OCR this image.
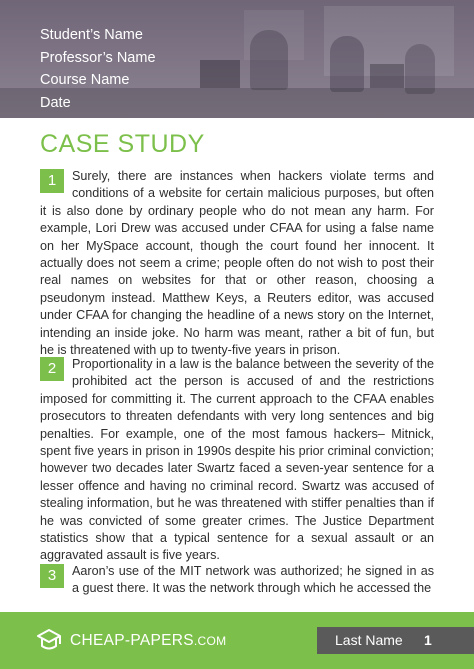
Student’s Name
Professor’s Name
Course Name
Date
CASE STUDY
1	Surely, there are instances when hackers violate terms and conditions of a website for certain malicious purposes, but often it is also done by ordinary people who do not mean any harm. For example, Lori Drew was accused under CFAA for using a false name on her MySpace account, though the court found her innocent. It actually does not seem a crime; people often do not wish to post their real names on websites for that or other reason, choosing a pseudonym instead. Matthew Keys, a Reuters editor, was accused under CFAA for changing the headline of a news story on the Internet, intending an inside joke. No harm was meant, rather a bit of fun, but he is threatened with up to twenty-five years in prison.
2	Proportionality in a law is the balance between the severity of the prohibited act the person is accused of and the restrictions imposed for committing it. The current approach to the CFAA enables prosecutors to threaten defendants with very long sentences and big penalties. For example, one of the most famous hackers– Mitnick, spent five years in prison in 1990s despite his prior criminal conviction; however two decades later Swartz faced a seven-year sentence for a lesser offence and having no criminal record. Swartz was accused of stealing information, but he was threatened with stiffer penalties than if he was convicted of some greater crimes. The Justice Department statistics show that a typical sentence for a sexual assault or an aggravated assault is five years.
3	Aaron’s use of the MIT network was authorized; he signed in as a guest there. It was the network through which he accessed the
CHEAP-PAPERS.COM	Last Name 1
